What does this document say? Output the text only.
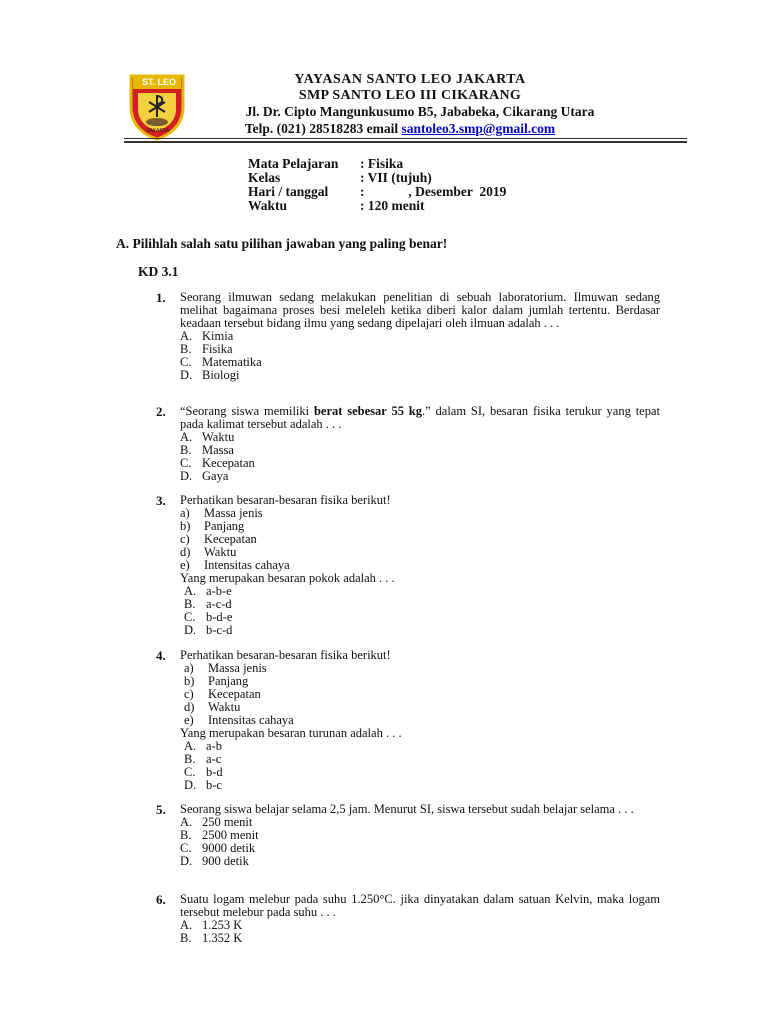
ST. LEO
JAKARTA
YAYASAN SANTO LEO JAKARTA
SMP SANTO LEO III CIKARANG
Jl. Dr. Cipto Mangunkusumo B5, Jababeka, Cikarang Utara
Telp. (021) 28518283 email santoleo3.smp@gmail.com
Mata Pelajaran : Fisika
Kelas	: VII (tujuh)
Hari / tanggal :             , Desember  2019
Waktu	: 120 menit
A. Pilihlah salah satu pilihan jawaban yang paling benar!
KD 3.1
1. Seorang ilmuwan sedang melakukan penelitian di sebuah laboratorium. Ilmuwan sedang melihat bagaimana proses besi meleleh ketika diberi kalor dalam jumlah tertentu. Berdasar keadaan tersebut bidang ilmu yang sedang dipelajari oleh ilmuan adalah . . .
A. Kimia
B. Fisika
C. Matematika
D. Biologi
2. “Seorang siswa memiliki berat sebesar 55 kg.” dalam SI, besaran fisika terukur yang tepat pada kalimat tersebut adalah . . .
A. Waktu
B. Massa
C. Kecepatan
D. Gaya
3. Perhatikan besaran-besaran fisika berikut!
a) Massa jenis
b) Panjang
c) Kecepatan
d) Waktu
e) Intensitas cahaya
Yang merupakan besaran pokok adalah . . .
A. a-b-e
B. a-c-d
C. b-d-e
D. b-c-d
4. Perhatikan besaran-besaran fisika berikut!
a) Massa jenis
b) Panjang
c) Kecepatan
d) Waktu
e) Intensitas cahaya
Yang merupakan besaran turunan adalah . . .
A. a-b
B. a-c
C. b-d
D. b-c
5. Seorang siswa belajar selama 2,5 jam. Menurut SI, siswa tersebut sudah belajar selama . . .
A. 250 menit
B. 2500 menit
C. 9000 detik
D. 900 detik
6. Suatu logam melebur pada suhu 1.250°C. jika dinyatakan dalam satuan Kelvin, maka logam tersebut melebur pada suhu . . .
A. 1.253 K
B. 1.352 K
